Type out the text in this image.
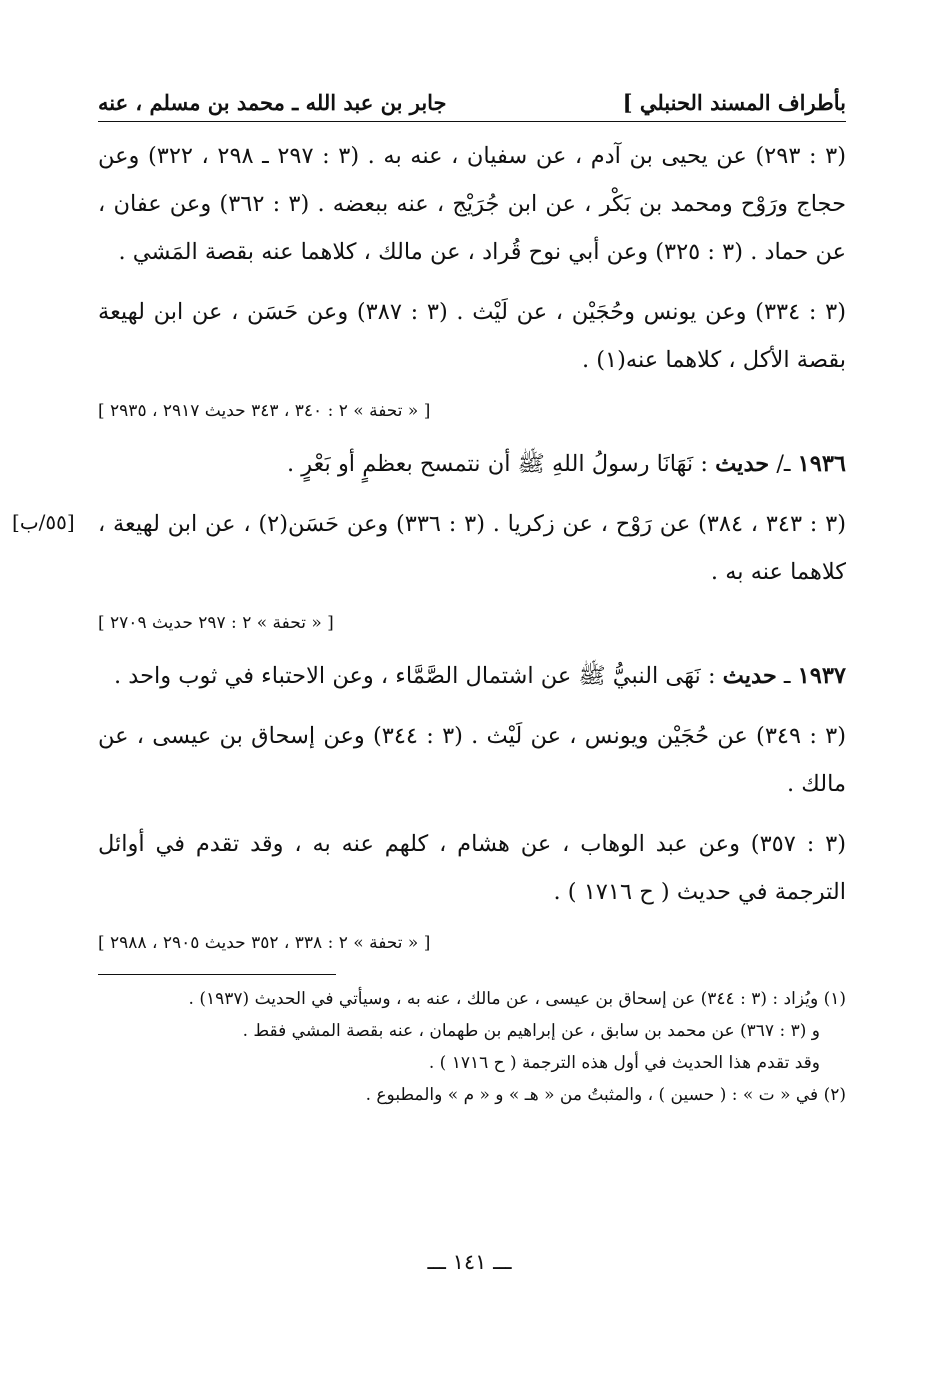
[٥٥/ب]
بأطراف المسند الحنبلي ]
جابر بن عبد الله ـ محمد بن مسلم ، عنه

(٣ : ٢٩٣) عن يحيى بن آدم ، عن سفيان ، عنه به . (٣ : ٢٩٧ ـ ٢٩٨ ، ٣٢٢) وعن حجاج ورَوْح ومحمد بن بَكْر ، عن ابن جُرَيْج ، عنه ببعضه . (٣ : ٣٦٢) وعن عفان ، عن حماد . (٣ : ٣٢٥) وعن أبي نوح قُراد ، عن مالك ، كلاهما عنه بقصة المَشي .

(٣ : ٣٣٤) وعن يونس وحُجَيْن ، عن لَيْث . (٣ : ٣٨٧) وعن حَسَن ، عن ابن لهيعة بقصة الأكل ، كلاهما عنه(١) .

[ « تحفة » ٢ : ٣٤٠ ، ٣٤٣ حديث ٢٩١٧ ، ٢٩٣٥ ]

١٩٣٦ ـ/ حديث : نَهَانَا رسولُ اللهِ ﷺ أن نتمسح بعظمٍ أو بَعْرٍ .

(٣ : ٣٤٣ ، ٣٨٤) عن رَوْح ، عن زكريا . (٣ : ٣٣٦) وعن حَسَن(٢) ، عن ابن لهيعة ، كلاهما عنه به .

[ « تحفة » ٢ : ٢٩٧ حديث ٢٧٠٩ ]

١٩٣٧ ـ حديث : نَهَى النبيُّ ﷺ عن اشتمال الصَّمَّاء ، وعن الاحتباء في ثوب واحد .

(٣ : ٣٤٩) عن حُجَيْن ويونس ، عن لَيْث . (٣ : ٣٤٤) وعن إسحاق بن عيسى ، عن مالك .

(٣ : ٣٥٧) وعن عبد الوهاب ، عن هشام ، كلهم عنه به ، وقد تقدم في أوائل الترجمة في حديث ( ح ١٧١٦ ) .

[ « تحفة » ٢ : ٣٣٨ ، ٣٥٢ حديث ٢٩٠٥ ، ٢٩٨٨ ]

(١) ويُزاد : (٣ : ٣٤٤) عن إسحاق بن عيسى ، عن مالك ، عنه به ، وسيأتي في الحديث (١٩٣٧) .

و (٣ : ٣٦٧) عن محمد بن سابق ، عن إبراهيم بن طهمان ، عنه بقصة المشي فقط .

وقد تقدم هذا الحديث في أول هذه الترجمة ( ح ١٧١٦ ) .

(٢) في « ت » : ( حسين ) ، والمثبتُ من « هـ » و « م » والمطبوع .

ـــ ١٤١ ـــ
